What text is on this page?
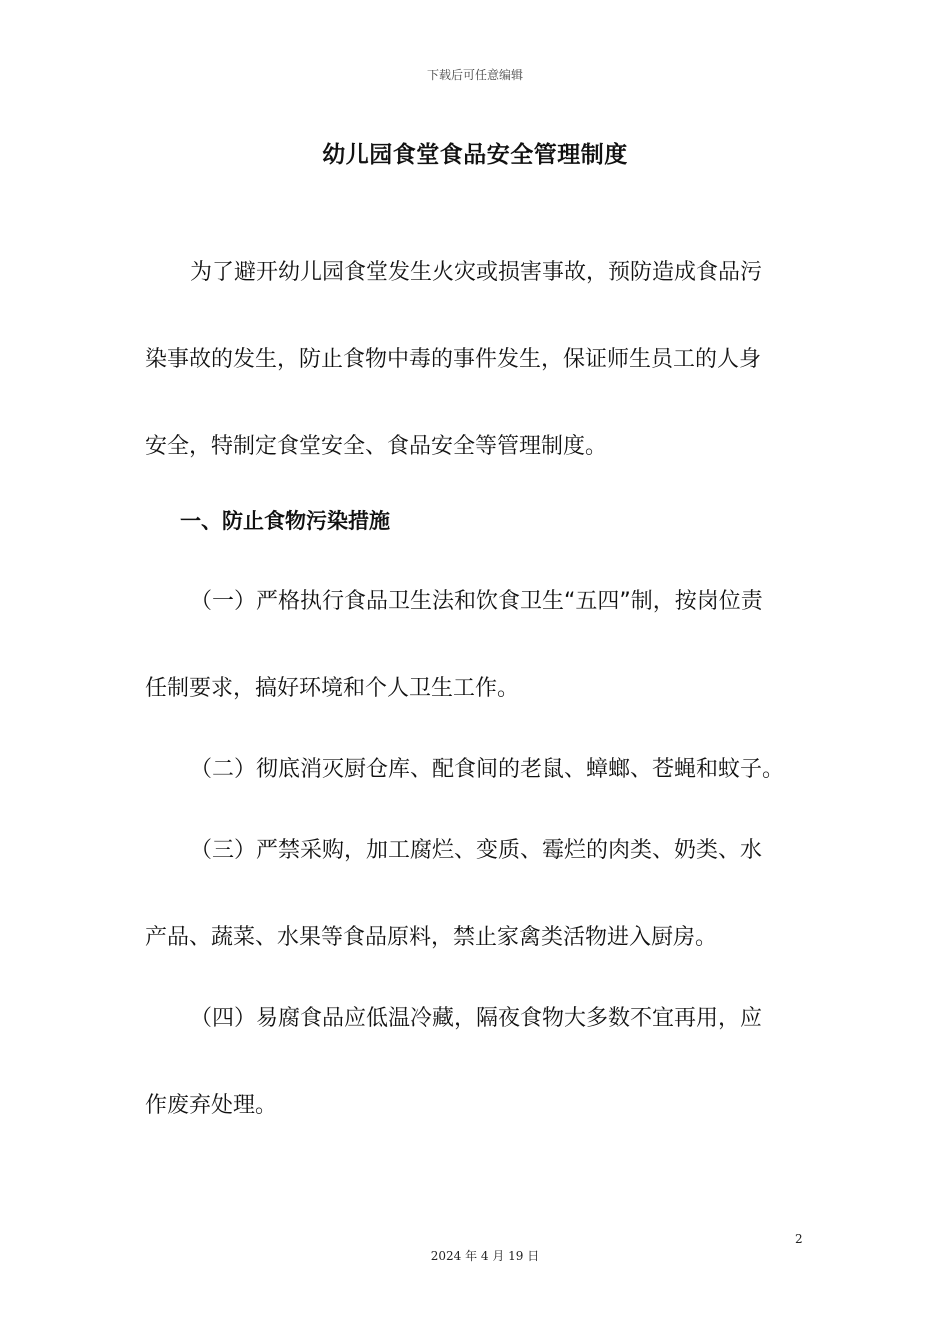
下载后可任意编辑
幼儿园食堂食品安全管理制度
为了避开幼儿园食堂发生火灾或损害事故，预防造成食品污
染事故的发生，防止食物中毒的事件发生，保证师生员工的人身
安全，特制定食堂安全、食品安全等管理制度。
一、防止食物污染措施
（一）严格执行食品卫生法和饮食卫生“五四”制，按岗位责
任制要求，搞好环境和个人卫生工作。
（二）彻底消灭厨仓库、配食间的老鼠、蟑螂、苍蝇和蚊子。
（三）严禁采购，加工腐烂、变质、霉烂的肉类、奶类、水
产品、蔬菜、水果等食品原料，禁止家禽类活物进入厨房。
（四）易腐食品应低温冷藏，隔夜食物大多数不宜再用，应
作废弃处理。
2
2024 年 4 月 19 日
